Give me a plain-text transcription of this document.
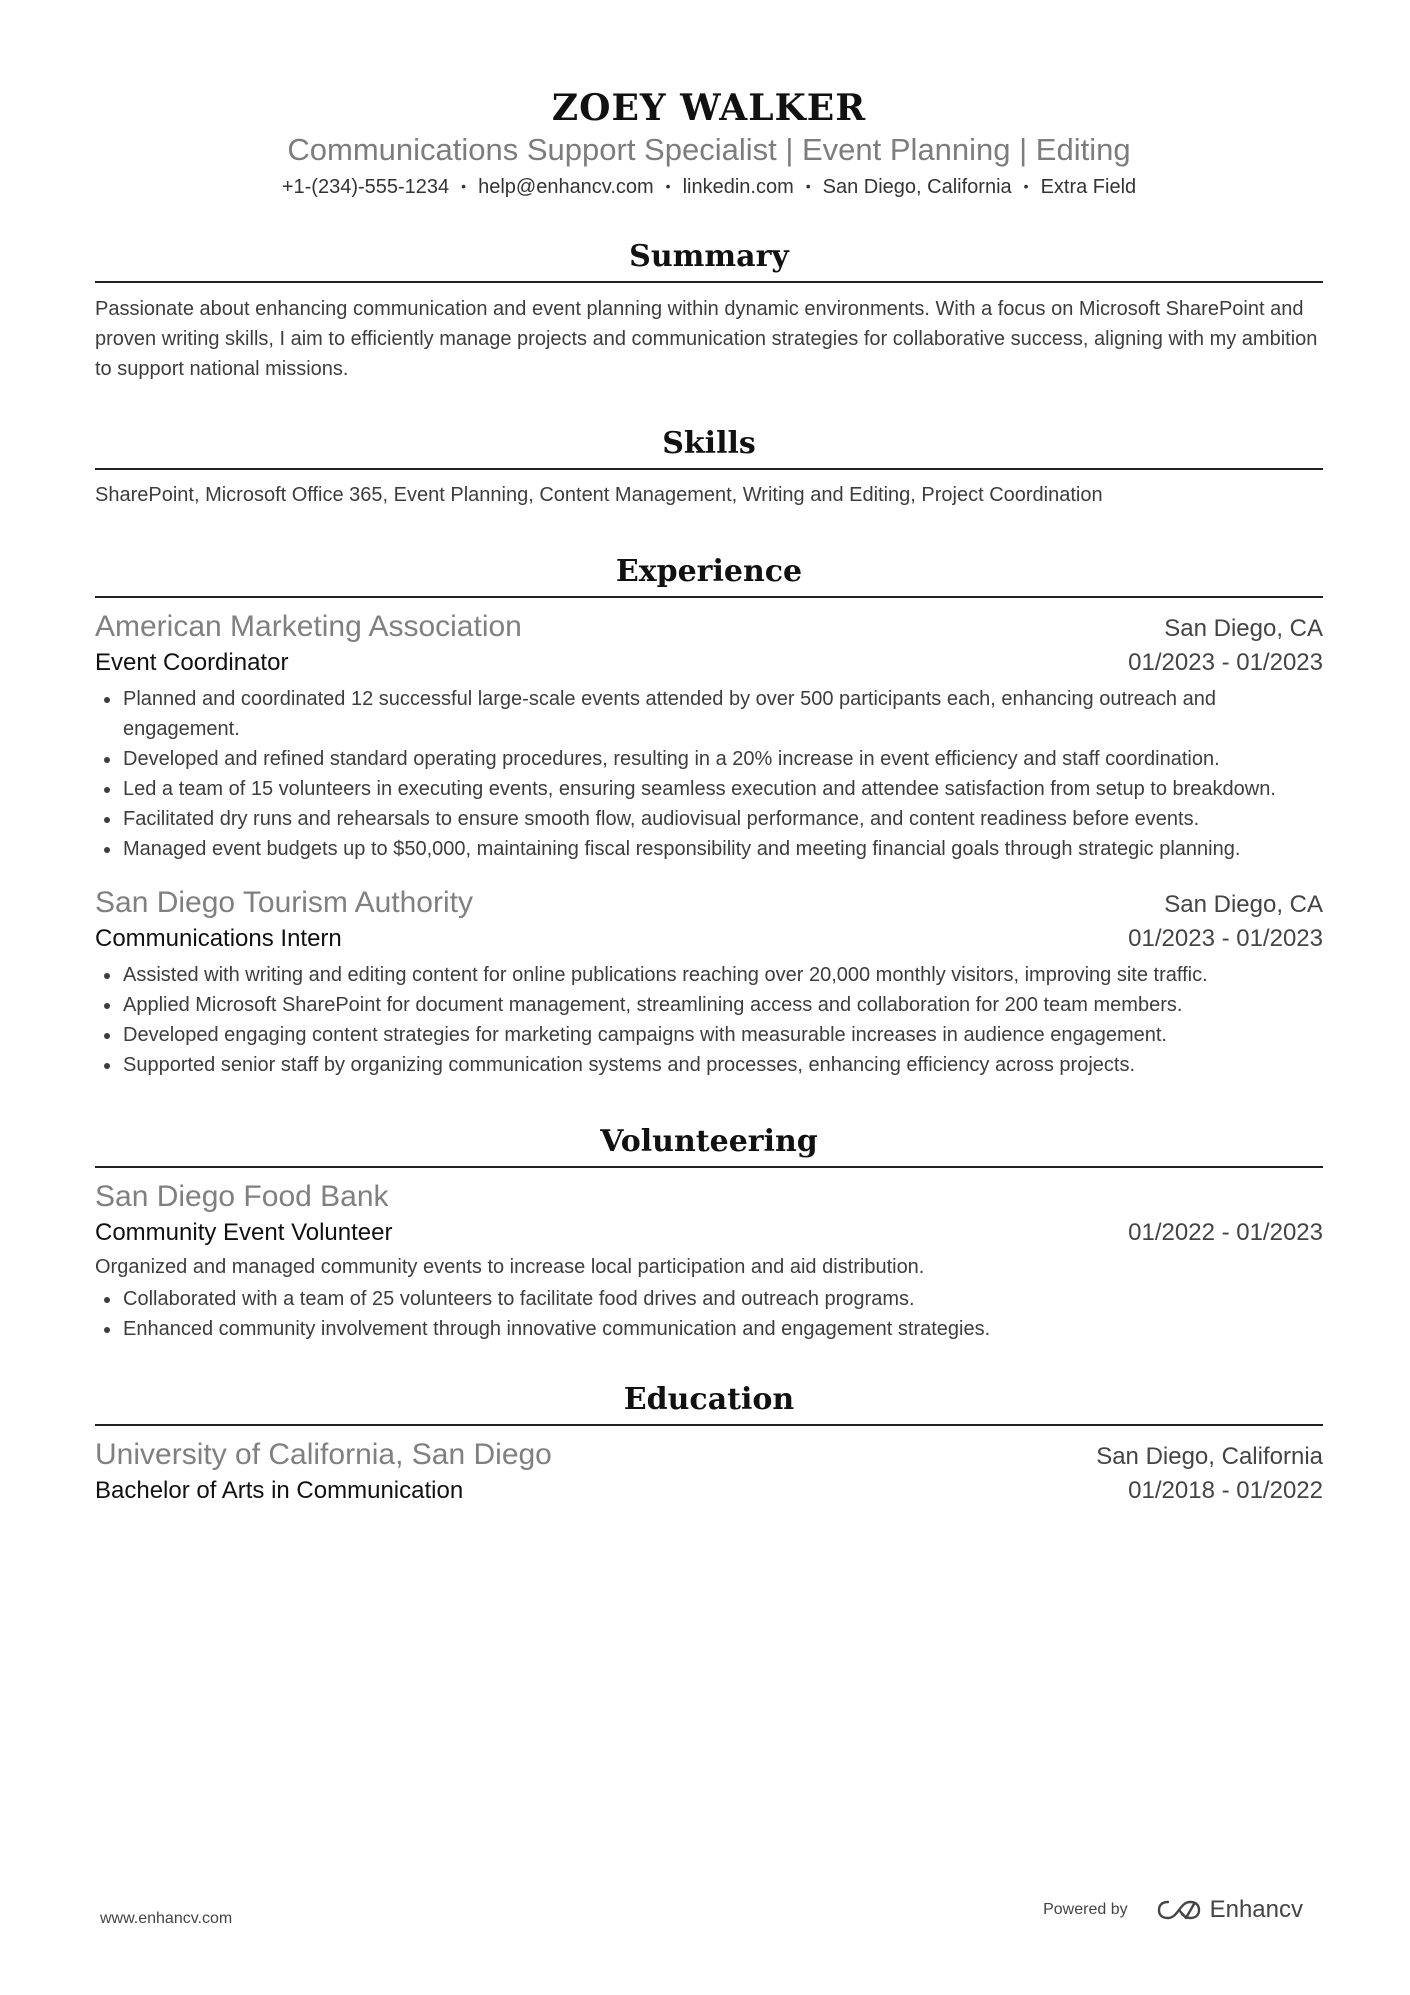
ZOEY WALKER
Communications Support Specialist | Event Planning | Editing
+1-(234)-555-1234 • help@enhancv.com • linkedin.com • San Diego, California • Extra Field
Summary
Passionate about enhancing communication and event planning within dynamic environments. With a focus on Microsoft SharePoint and proven writing skills, I aim to efficiently manage projects and communication strategies for collaborative success, aligning with my ambition to support national missions.
Skills
SharePoint, Microsoft Office 365, Event Planning, Content Management, Writing and Editing, Project Coordination
Experience
American Marketing Association	San Diego, CA
Event Coordinator	01/2023 - 01/2023
Planned and coordinated 12 successful large-scale events attended by over 500 participants each, enhancing outreach and engagement.
Developed and refined standard operating procedures, resulting in a 20% increase in event efficiency and staff coordination.
Led a team of 15 volunteers in executing events, ensuring seamless execution and attendee satisfaction from setup to breakdown.
Facilitated dry runs and rehearsals to ensure smooth flow, audiovisual performance, and content readiness before events.
Managed event budgets up to $50,000, maintaining fiscal responsibility and meeting financial goals through strategic planning.
San Diego Tourism Authority	San Diego, CA
Communications Intern	01/2023 - 01/2023
Assisted with writing and editing content for online publications reaching over 20,000 monthly visitors, improving site traffic.
Applied Microsoft SharePoint for document management, streamlining access and collaboration for 200 team members.
Developed engaging content strategies for marketing campaigns with measurable increases in audience engagement.
Supported senior staff by organizing communication systems and processes, enhancing efficiency across projects.
Volunteering
San Diego Food Bank
Community Event Volunteer	01/2022 - 01/2023
Organized and managed community events to increase local participation and aid distribution.
Collaborated with a team of 25 volunteers to facilitate food drives and outreach programs.
Enhanced community involvement through innovative communication and engagement strategies.
Education
University of California, San Diego	San Diego, California
Bachelor of Arts in Communication	01/2018 - 01/2022
www.enhancv.com
Powered by	Enhancv
